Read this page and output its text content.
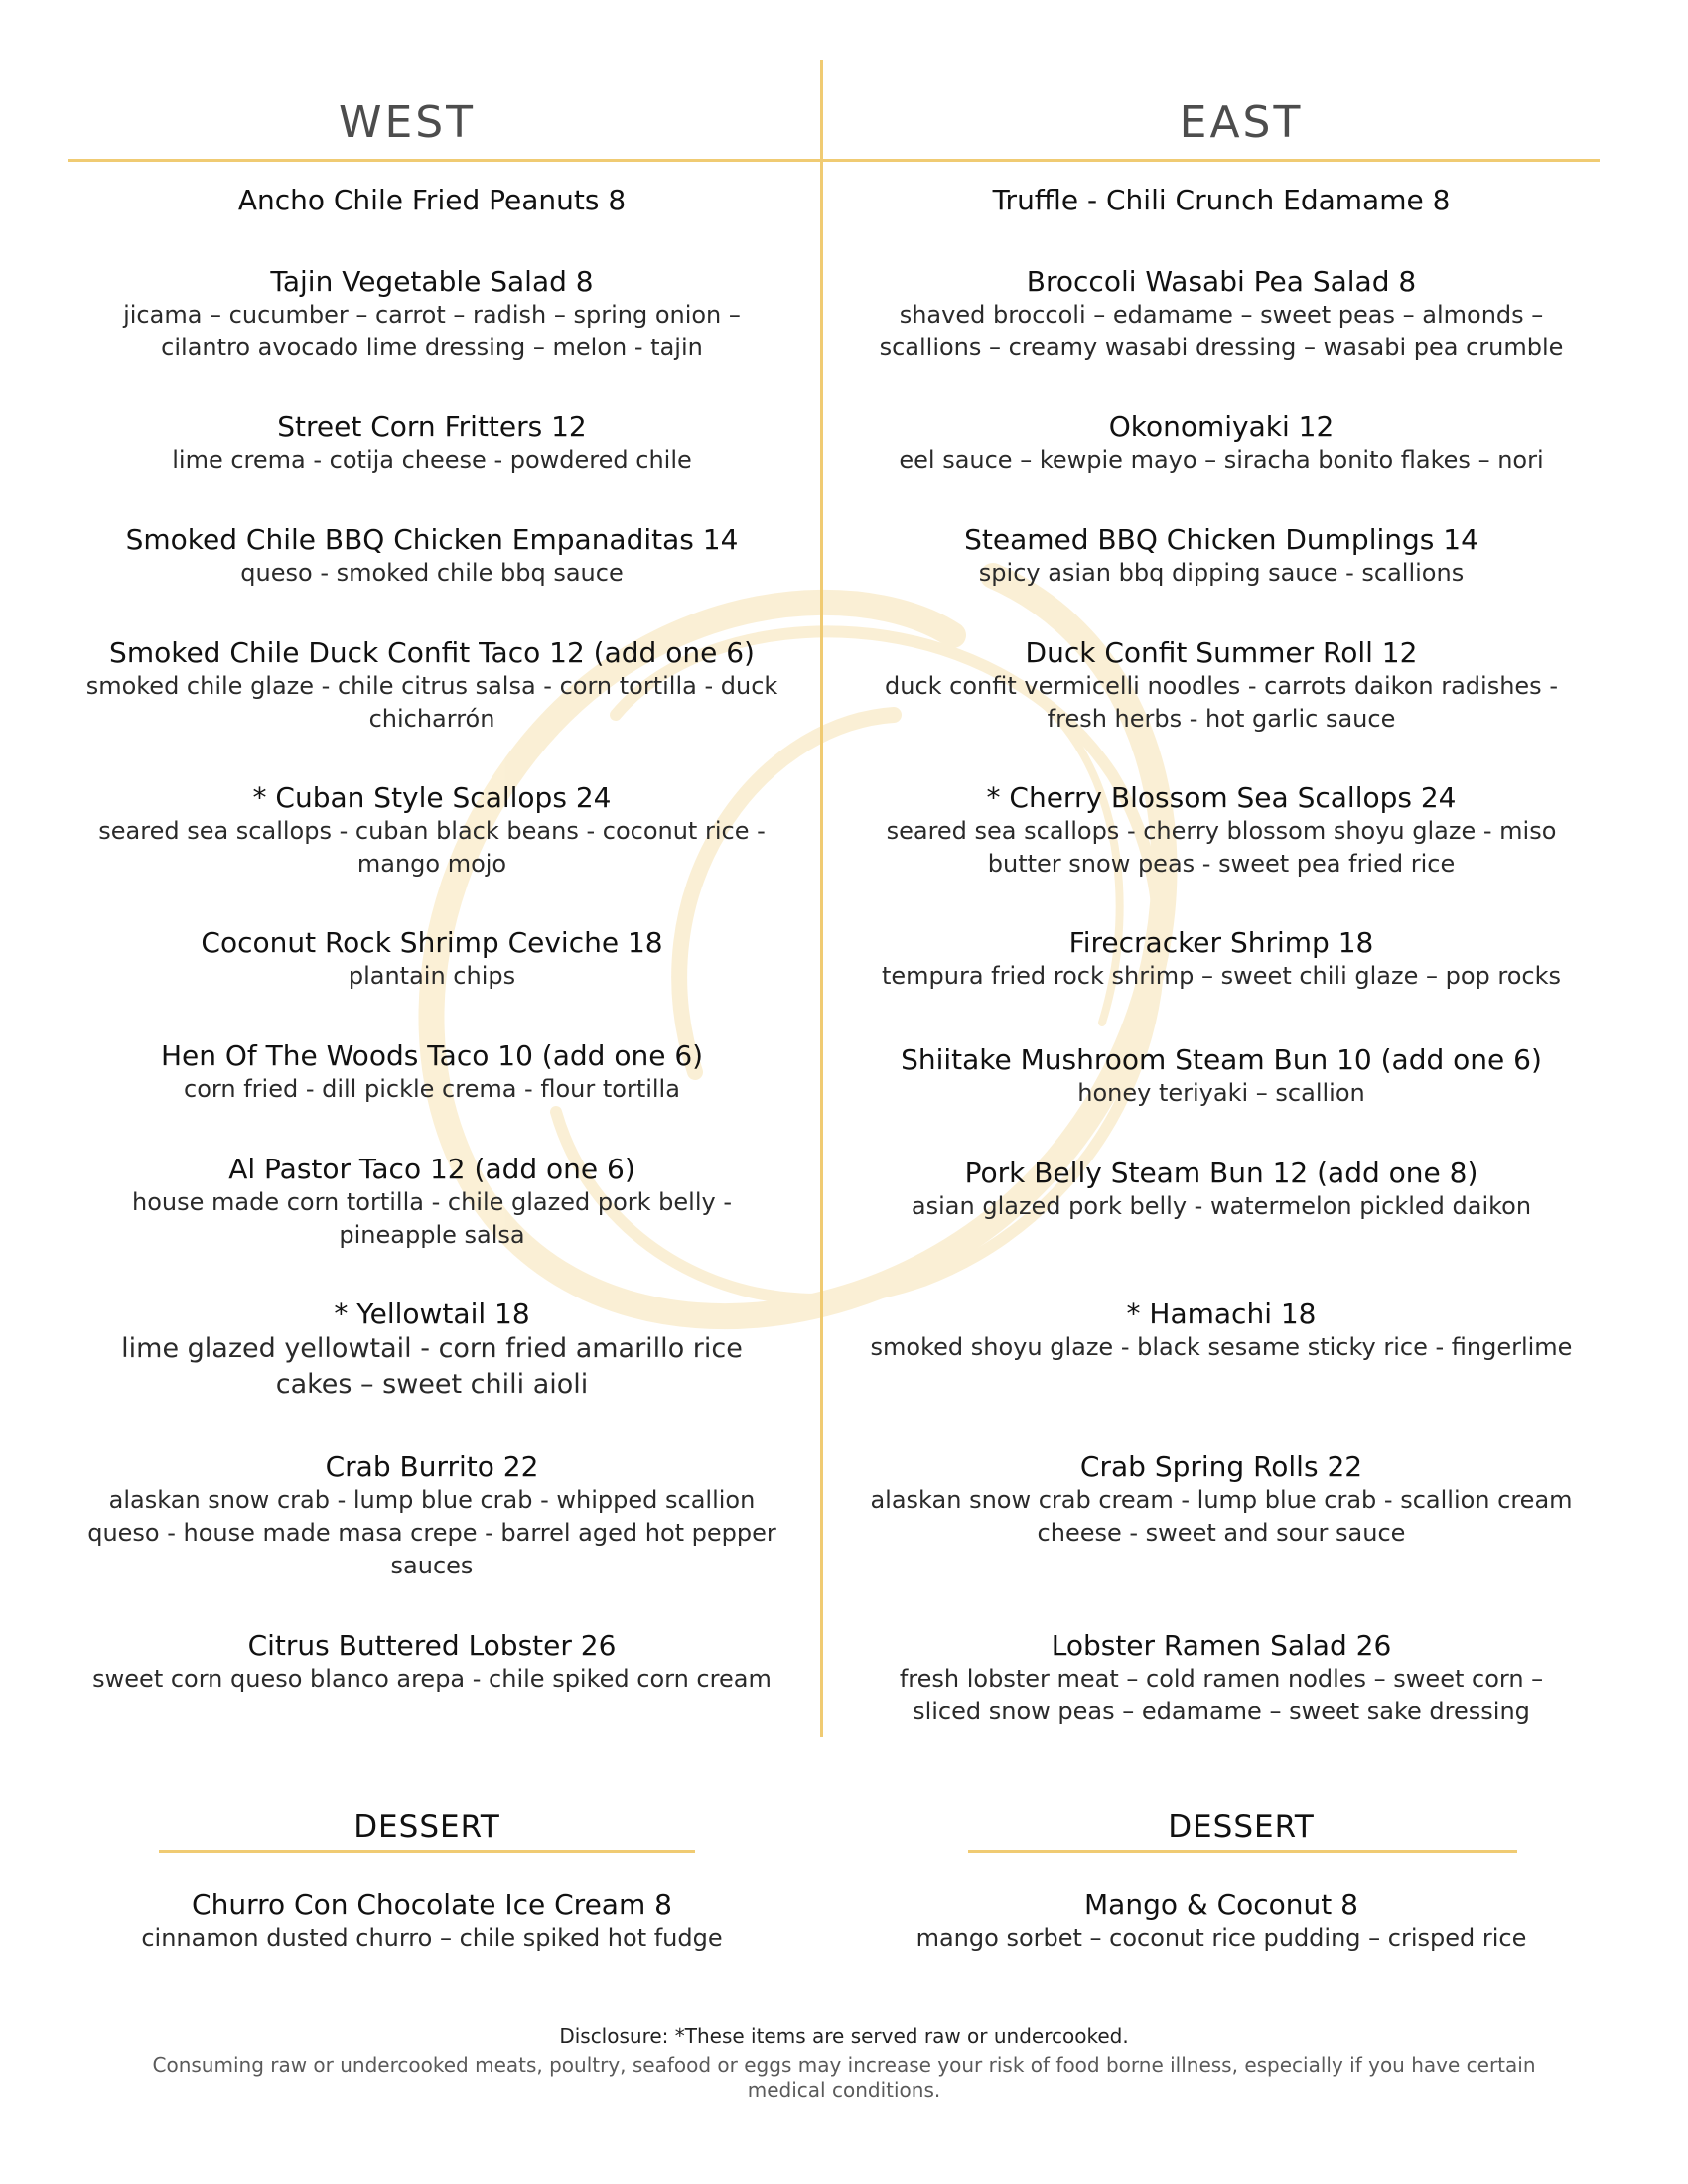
WEST	EAST
Ancho Chile Fried Peanuts 8
Tajin Vegetable Salad 8
jicama – cucumber – carrot – radish – spring onion – cilantro avocado lime dressing – melon - tajin
Street Corn Fritters 12
lime crema - cotija cheese - powdered chile
Smoked Chile BBQ Chicken Empanaditas 14
queso - smoked chile bbq sauce
Smoked Chile Duck Confit Taco 12 (add one 6)
smoked chile glaze - chile citrus salsa - corn tortilla - duck chicharrón
* Cuban Style Scallops 24
seared sea scallops - cuban black beans - coconut rice - mango mojo
Coconut Rock Shrimp Ceviche 18
plantain chips
Hen Of The Woods Taco 10 (add one 6)
corn fried - dill pickle crema - flour tortilla
Al Pastor Taco 12 (add one 6)
house made corn tortilla - chile glazed pork belly - pineapple salsa
* Yellowtail 18
lime glazed yellowtail - corn fried amarillo rice cakes – sweet chili aioli
Crab Burrito 22
alaskan snow crab - lump blue crab - whipped scallion queso - house made masa crepe - barrel aged hot pepper sauces
Citrus Buttered Lobster 26
sweet corn queso blanco arepa - chile spiked corn cream
Truffle - Chili Crunch Edamame 8
Broccoli Wasabi Pea Salad 8
shaved broccoli – edamame – sweet peas – almonds – scallions – creamy wasabi dressing – wasabi pea crumble
Okonomiyaki 12
eel sauce – kewpie mayo – siracha bonito flakes – nori
Steamed BBQ Chicken Dumplings 14
spicy asian bbq dipping sauce - scallions
Duck Confit Summer Roll 12
duck confit vermicelli noodles - carrots daikon radishes - fresh herbs - hot garlic sauce
* Cherry Blossom Sea Scallops 24
seared sea scallops - cherry blossom shoyu glaze - miso butter snow peas - sweet pea fried rice
Firecracker Shrimp 18
tempura fried rock shrimp – sweet chili glaze – pop rocks
Shiitake Mushroom Steam Bun 10 (add one 6)
honey teriyaki – scallion
Pork Belly Steam Bun 12 (add one 8)
asian glazed pork belly - watermelon pickled daikon
* Hamachi 18
smoked shoyu glaze - black sesame sticky rice - fingerlime
Crab Spring Rolls 22
alaskan snow crab cream - lump blue crab - scallion cream cheese - sweet and sour sauce
Lobster Ramen Salad 26
fresh lobster meat – cold ramen nodles – sweet corn – sliced snow peas – edamame – sweet sake dressing
DESSERT	DESSERT
Churro Con Chocolate Ice Cream 8
cinnamon dusted churro – chile spiked hot fudge
Mango & Coconut 8
mango sorbet – coconut rice pudding – crisped rice
Disclosure: *These items are served raw or undercooked.
Consuming raw or undercooked meats, poultry, seafood or eggs may increase your risk of food borne illness, especially if you have certain medical conditions.
